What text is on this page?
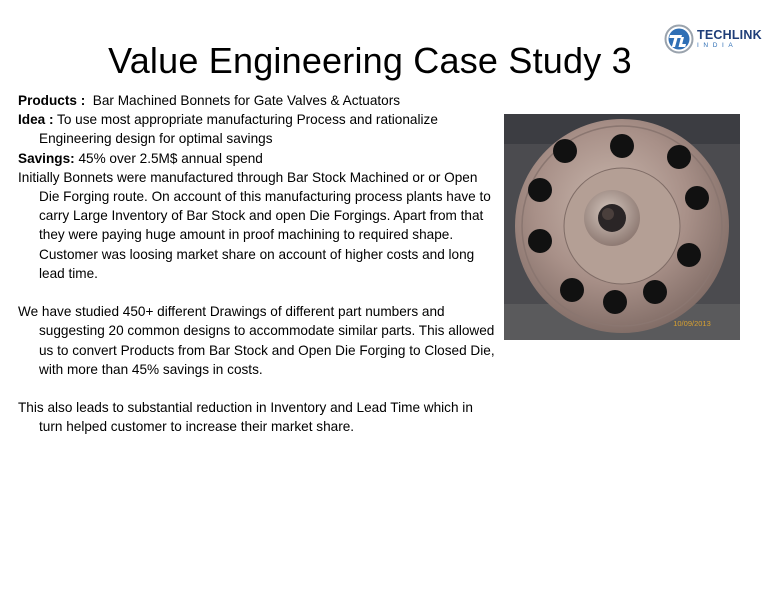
Value Engineering Case Study 3
TECHLINK
INDIA

Products : Bar Machined Bonnets for Gate Valves & Actuators

Idea : To use most appropriate manufacturing Process and rationalize Engineering design for optimal savings

Savings: 45% over 2.5M$ annual spend

Initially Bonnets were manufactured through Bar Stock Machined or or Open Die Forging route. On account of this manufacturing process plants have to carry Large Inventory of Bar Stock and open Die Forgings. Apart from that they were paying huge amount in proof machining to required shape. Customer was loosing market share on account of higher costs and long lead time.

We have studied 450+ different Drawings of different part numbers and suggesting 20 common designs to accommodate similar parts. This allowed us to convert Products from Bar Stock and Open Die Forging to Closed Die, with more than 45% savings in costs.

This also leads to substantial reduction in Inventory and Lead Time which in turn helped customer to increase their market share.

10/09/2013
